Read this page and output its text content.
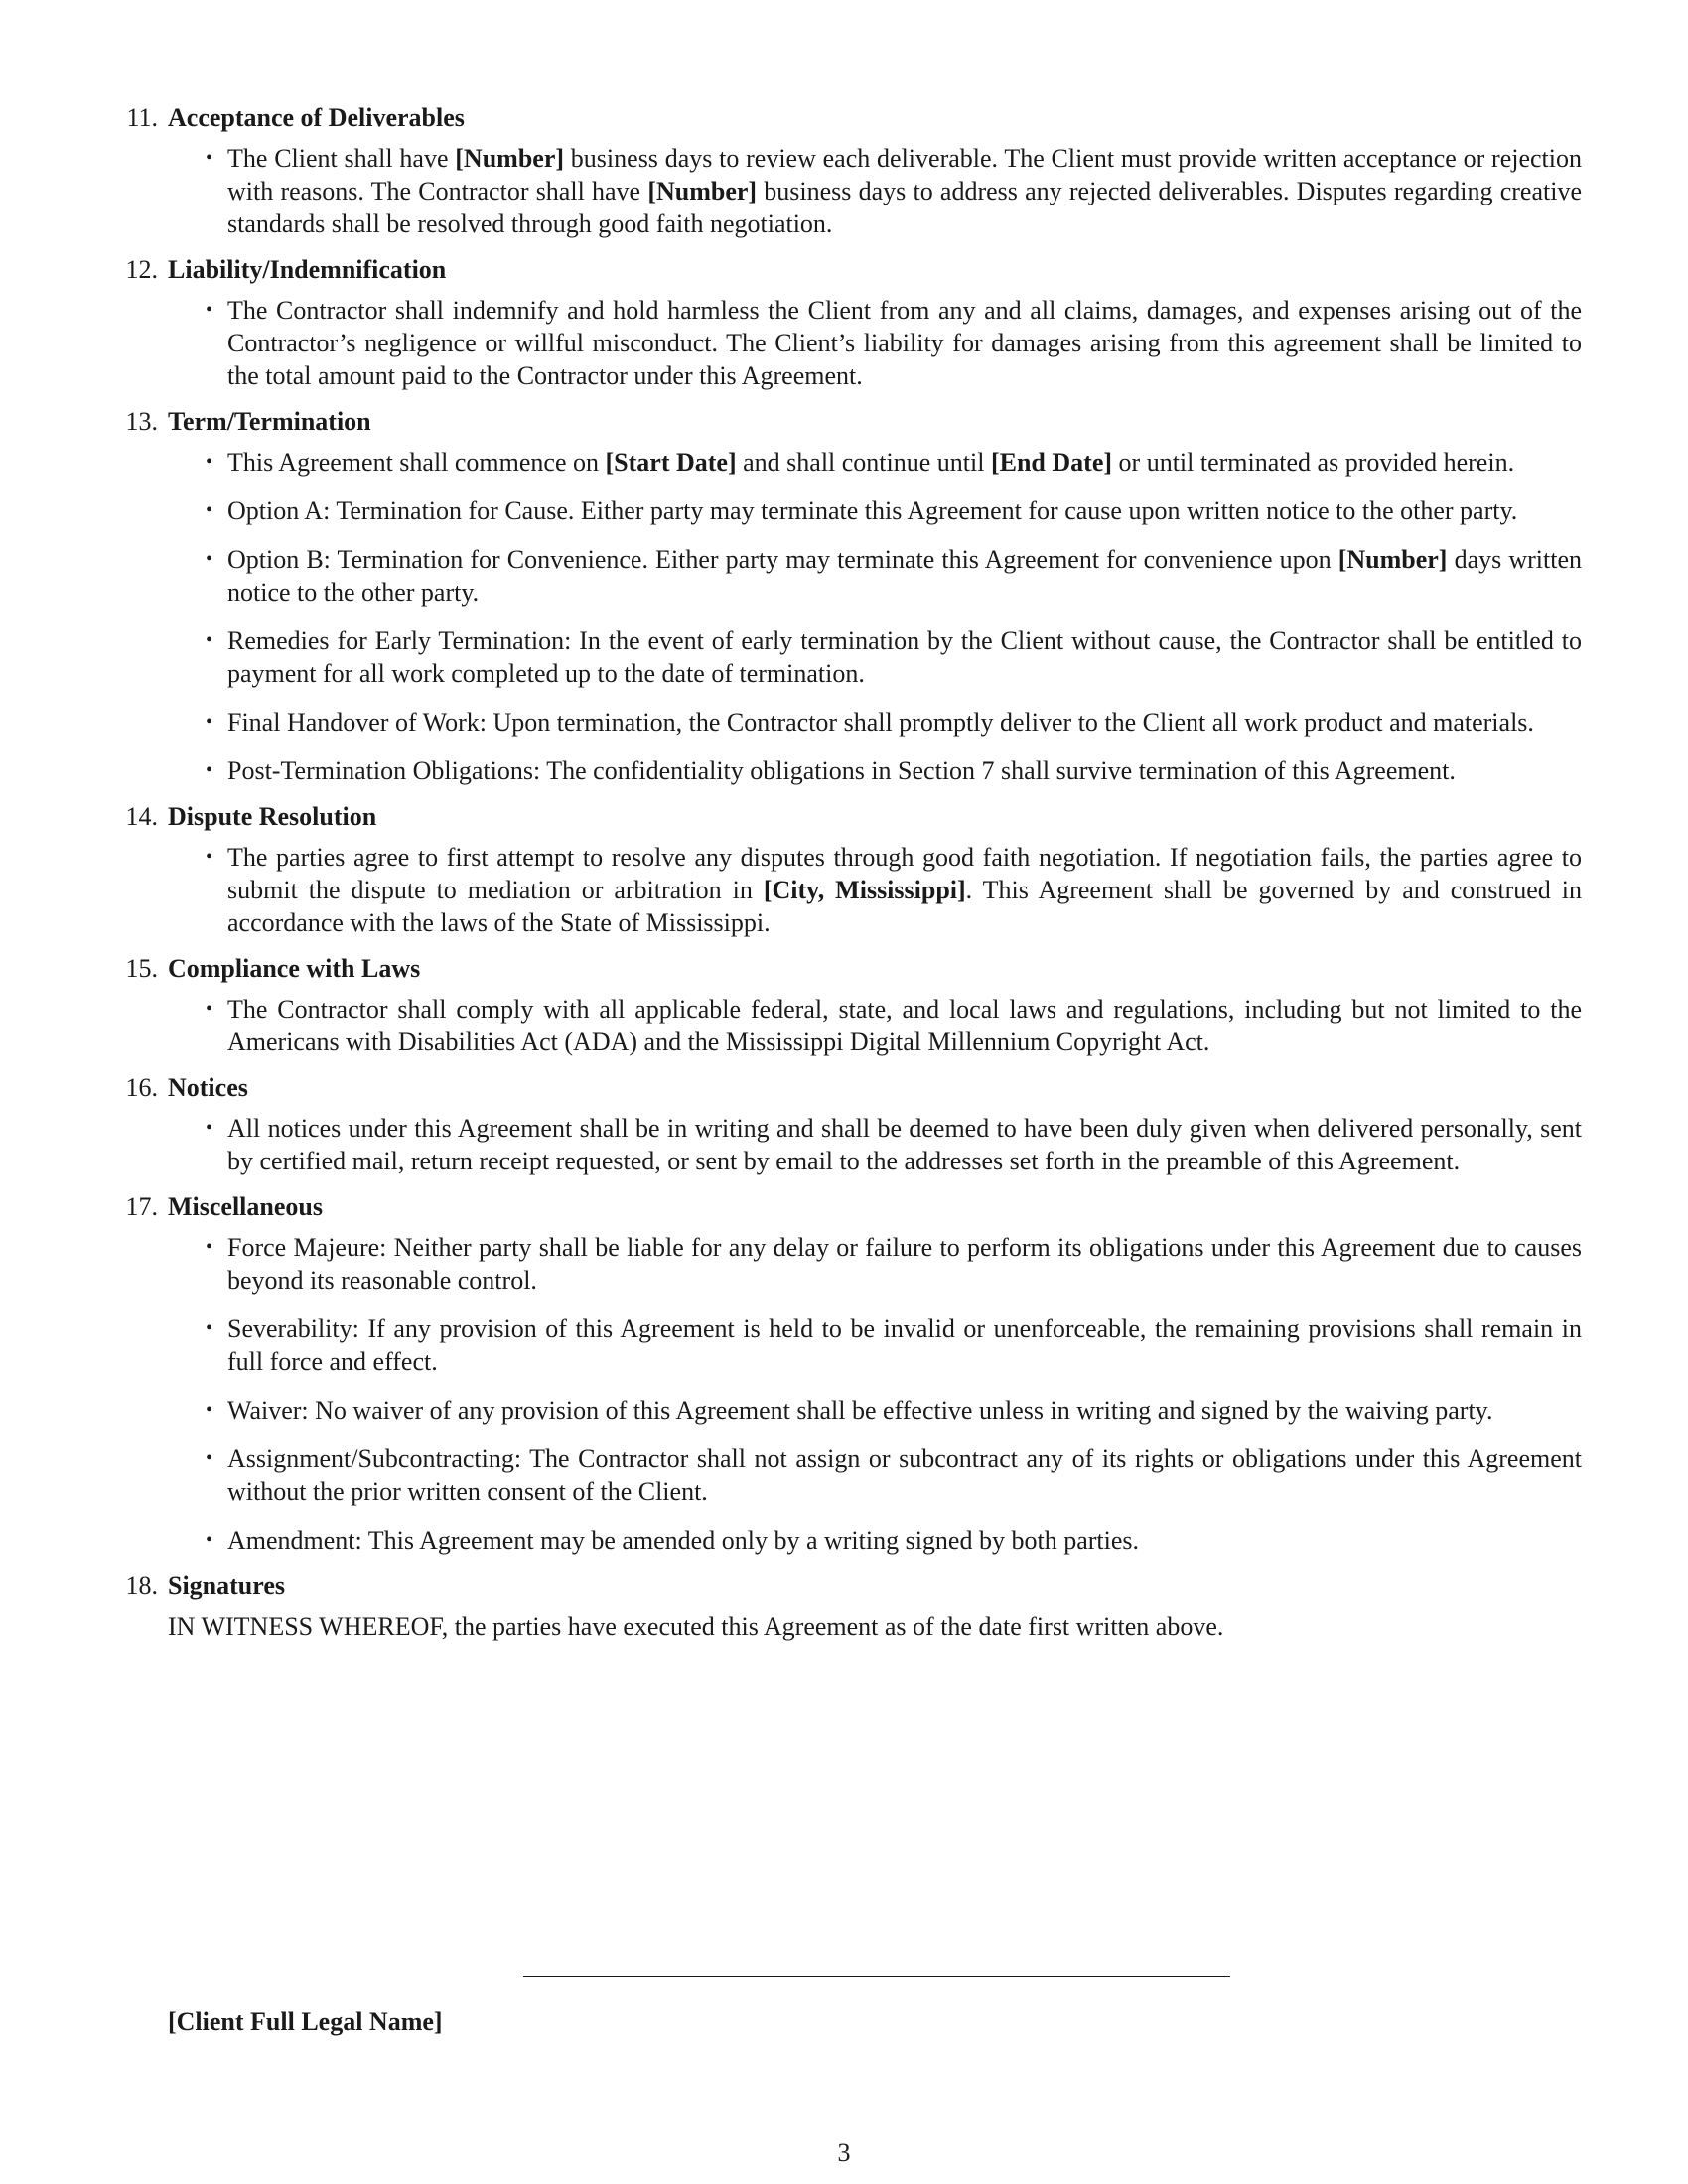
11. Acceptance of Deliverables
• The Client shall have [Number] business days to review each deliverable. The Client must provide written acceptance or rejection with reasons. The Contractor shall have [Number] business days to address any rejected deliverables. Disputes regarding creative standards shall be resolved through good faith negotiation.
12. Liability/Indemnification
• The Contractor shall indemnify and hold harmless the Client from any and all claims, damages, and expenses arising out of the Contractor’s negligence or willful misconduct. The Client’s liability for damages arising from this agreement shall be limited to the total amount paid to the Contractor under this Agreement.
13. Term/Termination
• This Agreement shall commence on [Start Date] and shall continue until [End Date] or until terminated as provided herein.
• Option A: Termination for Cause. Either party may terminate this Agreement for cause upon written notice to the other party.
• Option B: Termination for Convenience. Either party may terminate this Agreement for convenience upon [Number] days written notice to the other party.
• Remedies for Early Termination: In the event of early termination by the Client without cause, the Contractor shall be entitled to payment for all work completed up to the date of termination.
• Final Handover of Work: Upon termination, the Contractor shall promptly deliver to the Client all work product and materials.
• Post-Termination Obligations: The confidentiality obligations in Section 7 shall survive termination of this Agreement.
14. Dispute Resolution
• The parties agree to first attempt to resolve any disputes through good faith negotiation. If negotiation fails, the parties agree to submit the dispute to mediation or arbitration in [City, Mississippi]. This Agreement shall be governed by and construed in accordance with the laws of the State of Mississippi.
15. Compliance with Laws
• The Contractor shall comply with all applicable federal, state, and local laws and regulations, including but not limited to the Americans with Disabilities Act (ADA) and the Mississippi Digital Millennium Copyright Act.
16. Notices
• All notices under this Agreement shall be in writing and shall be deemed to have been duly given when delivered personally, sent by certified mail, return receipt requested, or sent by email to the addresses set forth in the preamble of this Agreement.
17. Miscellaneous
• Force Majeure: Neither party shall be liable for any delay or failure to perform its obligations under this Agreement due to causes beyond its reasonable control.
• Severability: If any provision of this Agreement is held to be invalid or unenforceable, the remaining provisions shall remain in full force and effect.
• Waiver: No waiver of any provision of this Agreement shall be effective unless in writing and signed by the waiving party.
• Assignment/Subcontracting: The Contractor shall not assign or subcontract any of its rights or obligations under this Agreement without the prior written consent of the Client.
• Amendment: This Agreement may be amended only by a writing signed by both parties.
18. Signatures

IN WITNESS WHEREOF, the parties have executed this Agreement as of the date first written above.

[Client Full Legal Name]
3
